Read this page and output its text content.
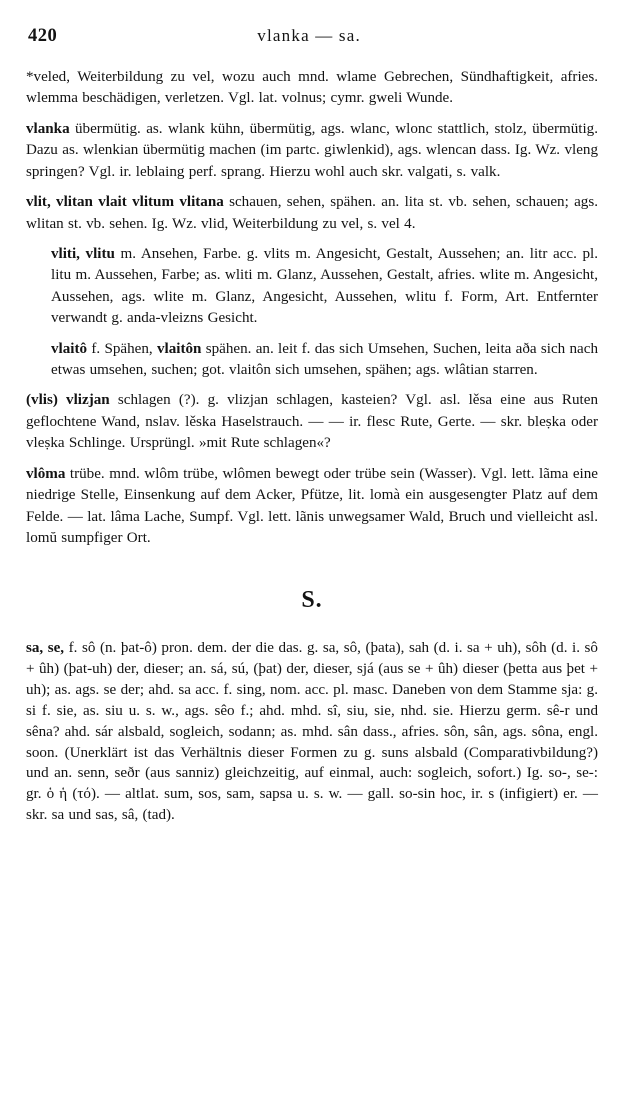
420	vlanka — sa.
*veled, Weiterbildung zu vel, wozu auch mnd. wlame Gebrechen, Sündhaftigkeit, afries. wlemma beschädigen, verletzen. Vgl. lat. volnus; cymr. gweli Wunde.
vlanka übermütig. as. wlank kühn, übermütig, ags. wlanc, wlonc stattlich, stolz, übermütig. Dazu as. wlenkian übermütig machen (im partc. giwlenkid), ags. wlencan dass. Ig. Wz. vleng springen? Vgl. ir. leblaing perf. sprang. Hierzu wohl auch skr. valgati, s. valk.
vlit, vlitan vlait vlitum vlitana schauen, sehen, spähen. an. lita st. vb. sehen, schauen; ags. wlitan st. vb. sehen. Ig. Wz. vlid, Weiterbildung zu vel, s. vel 4.
vliti, vlitu m. Ansehen, Farbe. g. vlits m. Angesicht, Gestalt, Aussehen; an. litr acc. pl. litu m. Aussehen, Farbe; as. wliti m. Glanz, Aussehen, Gestalt, afries. wlite m. Angesicht, Aussehen, ags. wlite m. Glanz, Angesicht, Aussehen, wlitu f. Form, Art. Entfernter verwandt g. anda-vleizns Gesicht.
vlaitô f. Spähen, vlaitôn spähen. an. leit f. das sich Umsehen, Suchen, leita aða sich nach etwas umsehen, suchen; got. vlaitôn sich umsehen, spähen; ags. wlâtian starren.
(vlis) vlizjan schlagen (?). g. vlizjan schlagen, kasteien? Vgl. asl. lěsa eine aus Ruten geflochtene Wand, nslav. lěska Haselstrauch. — — ir. flesc Rute, Gerte. — skr. bleṣka oder vleṣka Schlinge. Ursprüngl. »mit Rute schlagen«?
vlôma trübe. mnd. wlôm trübe, wlômen bewegt oder trübe sein (Wasser). Vgl. lett. lãma eine niedrige Stelle, Einsenkung auf dem Acker, Pfütze, lit. lomà ein ausgesengter Platz auf dem Felde. — lat. lâma Lache, Sumpf. Vgl. lett. lãnis unwegsamer Wald, Bruch und vielleicht asl. lomŭ sumpfiger Ort.
S.
sa, se, f. sô (n. þat-ô) pron. dem. der die das. g. sa, sô, (þata), sah (d. i. sa + uh), sôh (d. i. sô + ûh) (þat-uh) der, dieser; an. sá, sú, (þat) der, dieser, sjá (aus se + ûh) dieser (þetta aus þet + uh); as. ags. se der; ahd. sa acc. f. sing, nom. acc. pl. masc. Daneben von dem Stamme sja: g. si f. sie, as. siu u. s. w., ags. sêo f.; ahd. mhd. sî, siu, sie, nhd. sie. Hierzu germ. sê-r und sêna? ahd. sár alsbald, sogleich, sodann; as. mhd. sân dass., afries. sôn, sân, ags. sôna, engl. soon. (Unerklärt ist das Verhältnis dieser Formen zu g. suns alsbald (Comparativbildung?) und an. senn, seðr (aus sanniz) gleichzeitig, auf einmal, auch: sogleich, sofort.) Ig. so-, se-: gr. ὁ ἡ (τό). — altlat. sum, sos, sam, sapsa u. s. w. — gall. so-sin hoc, ir. s (infigiert) er. — skr. sa und sas, sâ, (tad).
